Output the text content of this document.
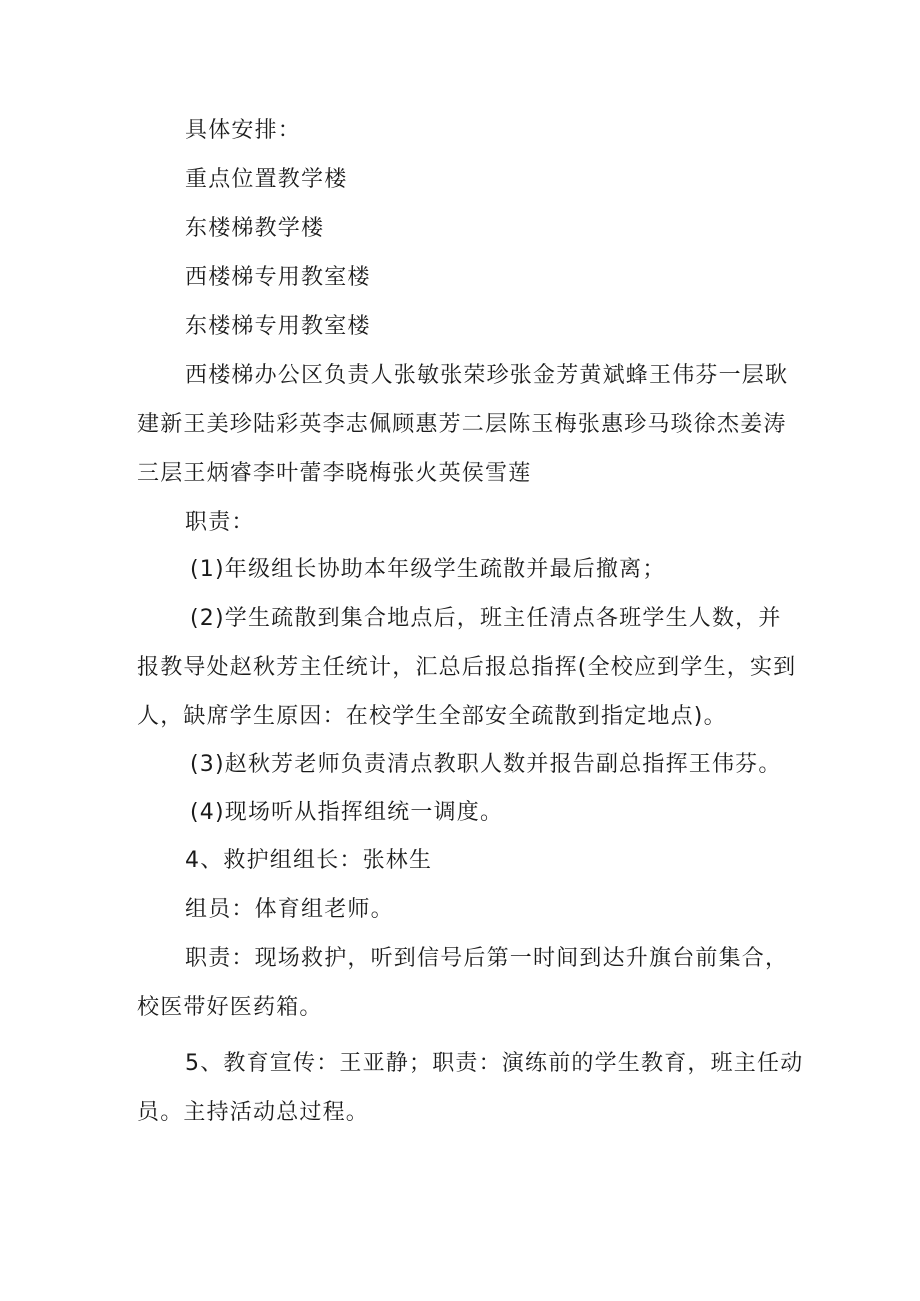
具体安排：
重点位置教学楼
东楼梯教学楼
西楼梯专用教室楼
东楼梯专用教室楼
西楼梯办公区负责人张敏张荣珍张金芳黄斌蜂王伟芬一层耿
建新王美珍陆彩英李志佩顾惠芳二层陈玉梅张惠珍马琰徐杰姜涛
三层王炳睿李叶蕾李晓梅张火英侯雪莲
职责：
(1)年级组长协助本年级学生疏散并最后撤离；
(2)学生疏散到集合地点后，班主任清点各班学生人数，并
报教导处赵秋芳主任统计，汇总后报总指挥(全校应到学生，实到
人，缺席学生原因：在校学生全部安全疏散到指定地点)。
(3)赵秋芳老师负责清点教职人数并报告副总指挥王伟芬。
(4)现场听从指挥组统一调度。
4、救护组组长：张林生
组员：体育组老师。
职责：现场救护，听到信号后第一时间到达升旗台前集合，
校医带好医药箱。
5、教育宣传：王亚静；职责：演练前的学生教育，班主任动
员。主持活动总过程。
